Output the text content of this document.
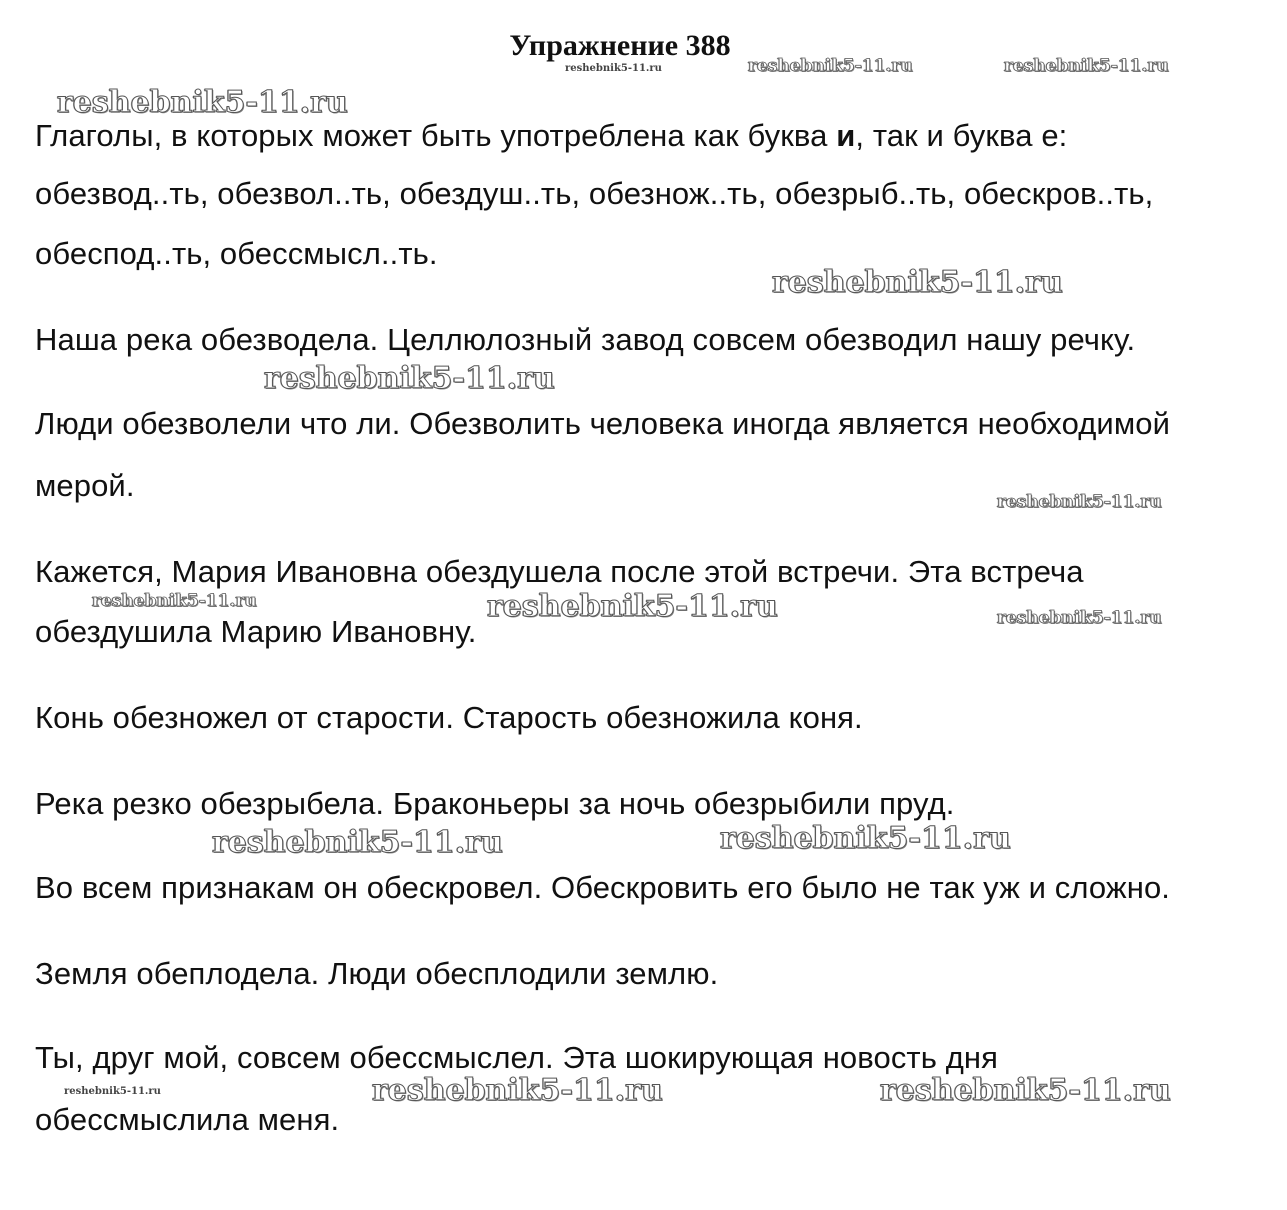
Упражнение 388
reshebnik5-11.ru	reshebnik5-11.ru	reshebnik5-11.ru
reshebnik5-11.ru
reshebnik5-11.ru
reshebnik5-11.ru
reshebnik5-11.ru
reshebnik5-11.ru	reshebnik5-11.ru	reshebnik5-11.ru
reshebnik5-11.ru	reshebnik5-11.ru
reshebnik5-11.ru	reshebnik5-11.ru	reshebnik5-11.ru
Глаголы, в которых может быть употреблена как буква и, так и буква е:
обезвод..ть, обезвол..ть, обездуш..ть, обезнож..ть, обезрыб..ть, обескров..ть,
обеспод..ть, обессмысл..ть.
Наша река обезводела. Целлюлозный завод совсем обезводил нашу речку.
Люди обезволели что ли. Обезволить человека иногда является необходимой
мерой.
Кажется, Мария Ивановна обездушела после этой встречи. Эта встреча
обездушила Марию Ивановну.
Конь обезножел от старости. Старость обезножила коня.
Река резко обезрыбела. Браконьеры за ночь обезрыбили пруд.
Во всем признакам он обескровел. Обескровить его было не так уж и сложно.
Земля обеплодела. Люди обесплодили землю.
Ты, друг мой, совсем обессмыслел. Эта шокирующая новость дня
обессмыслила меня.
